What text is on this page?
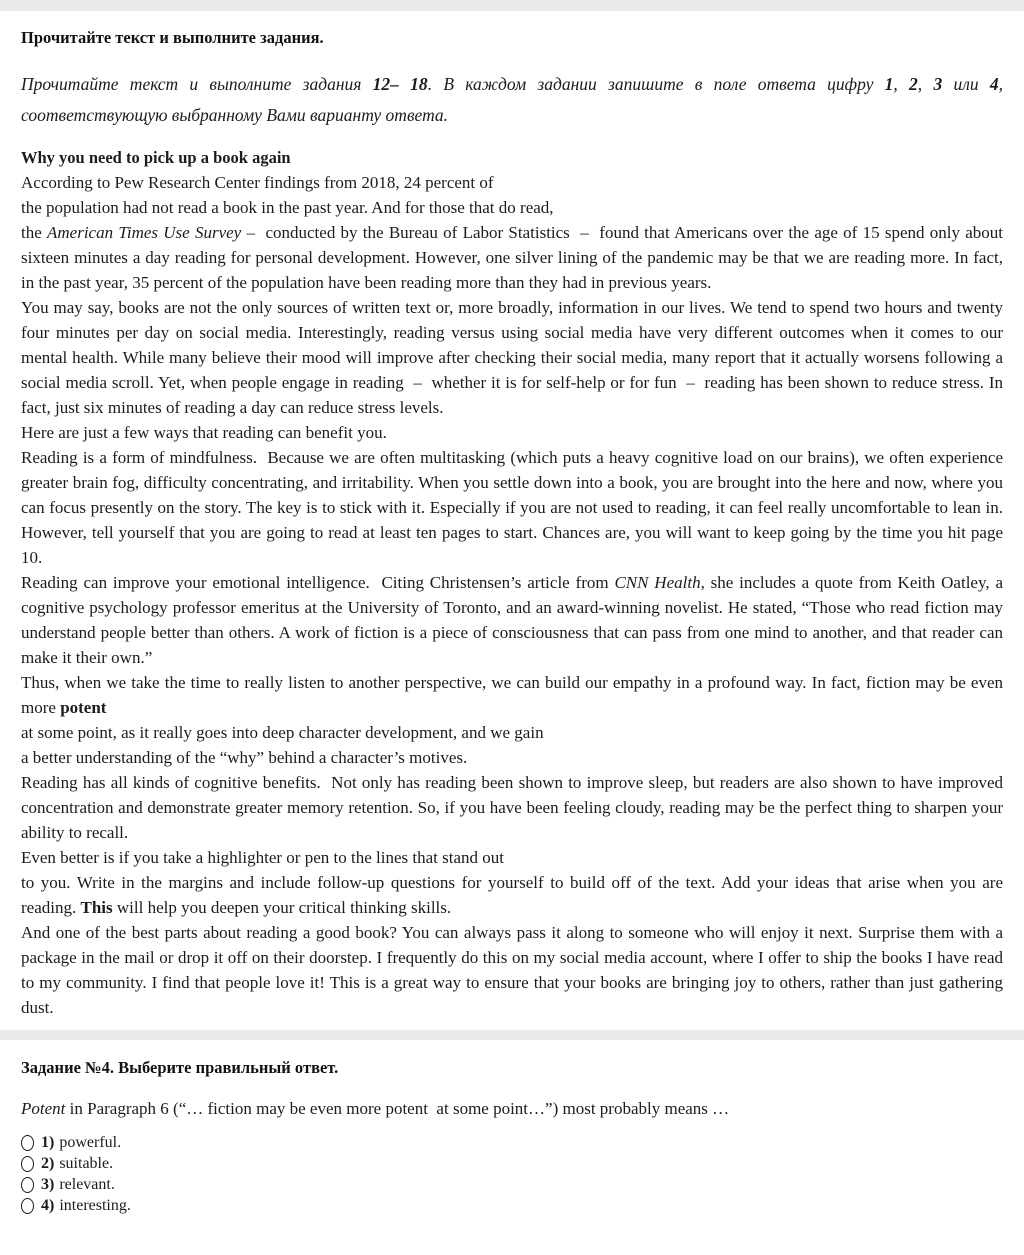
Прочитайте текст и выполните задания.

Прочитайте текст и выполните задания 12– 18. В каждом задании запишите в поле ответа цифру 1, 2, 3 или 4,
соответствующую выбранному Вами варианту ответа.
Why you need to pick up a book again
According to Pew Research Center findings from 2018, 24 percent of
the population had not read a book in the past year. And for those that do read,
the American Times Use Survey –  conducted by the Bureau of Labor Statistics  –  found that Americans over the age of 15 spend only about sixteen minutes a day reading for personal development. However, one silver lining of the pandemic may be that we are reading more. In fact, in the past year, 35 percent of the population have been reading more than they had in previous years.
You may say, books are not the only sources of written text or, more broadly, information in our lives. We tend to spend two hours and twenty four minutes per day on social media. Interestingly, reading versus using social media have very different outcomes when it comes to our mental health. While many believe their mood will improve after checking their social media, many report that it actually worsens following a social media scroll. Yet, when people engage in reading  –  whether it is for self-help or for fun  –  reading has been shown to reduce stress. In fact, just six minutes of reading a day can reduce stress levels.
Here are just a few ways that reading can benefit you.
Reading is a form of mindfulness.  Because we are often multitasking (which puts a heavy cognitive load on our brains), we often experience greater brain fog, difficulty concentrating, and irritability. When you settle down into a book, you are brought into the here and now, where you can focus presently on the story. The key is to stick with it. Especially if you are not used to reading, it can feel really uncomfortable to lean in. However, tell yourself that you are going to read at least ten pages to start. Chances are, you will want to keep going by the time you hit page 10.
Reading can improve your emotional intelligence.  Citing Christensen’s article from CNN Health, she includes a quote from Keith Oatley, a cognitive psychology professor emeritus at the University of Toronto, and an award-winning novelist. He stated, “Those who read fiction may understand people better than others. A work of fiction is a piece of consciousness that can pass from one mind to another, and that reader can make it their own.”
Thus, when we take the time to really listen to another perspective, we can build our empathy in a profound way. In fact, fiction may be even more potent
at some point, as it really goes into deep character development, and we gain
a better understanding of the “why” behind a character’s motives.
Reading has all kinds of cognitive benefits.  Not only has reading been shown to improve sleep, but readers are also shown to have improved concentration and demonstrate greater memory retention. So, if you have been feeling cloudy, reading may be the perfect thing to sharpen your ability to recall.
Even better is if you take a highlighter or pen to the lines that stand out
to you. Write in the margins and include follow-up questions for yourself to build off of the text. Add your ideas that arise when you are reading. This will help you deepen your critical thinking skills.
And one of the best parts about reading a good book? You can always pass it along to someone who will enjoy it next. Surprise them with a package in the mail or drop it off on their doorstep. I frequently do this on my social media account, where I offer to ship the books I have read to my community. I find that people love it! This is a great way to ensure that your books are bringing joy to others, rather than just gathering dust.

Задание №4. Выберите правильный ответ.

Potent in Paragraph 6 (“… fiction may be even more potent  at some point…”) most probably means …
1) powerful.
2) suitable.
3) relevant.
4) interesting.
